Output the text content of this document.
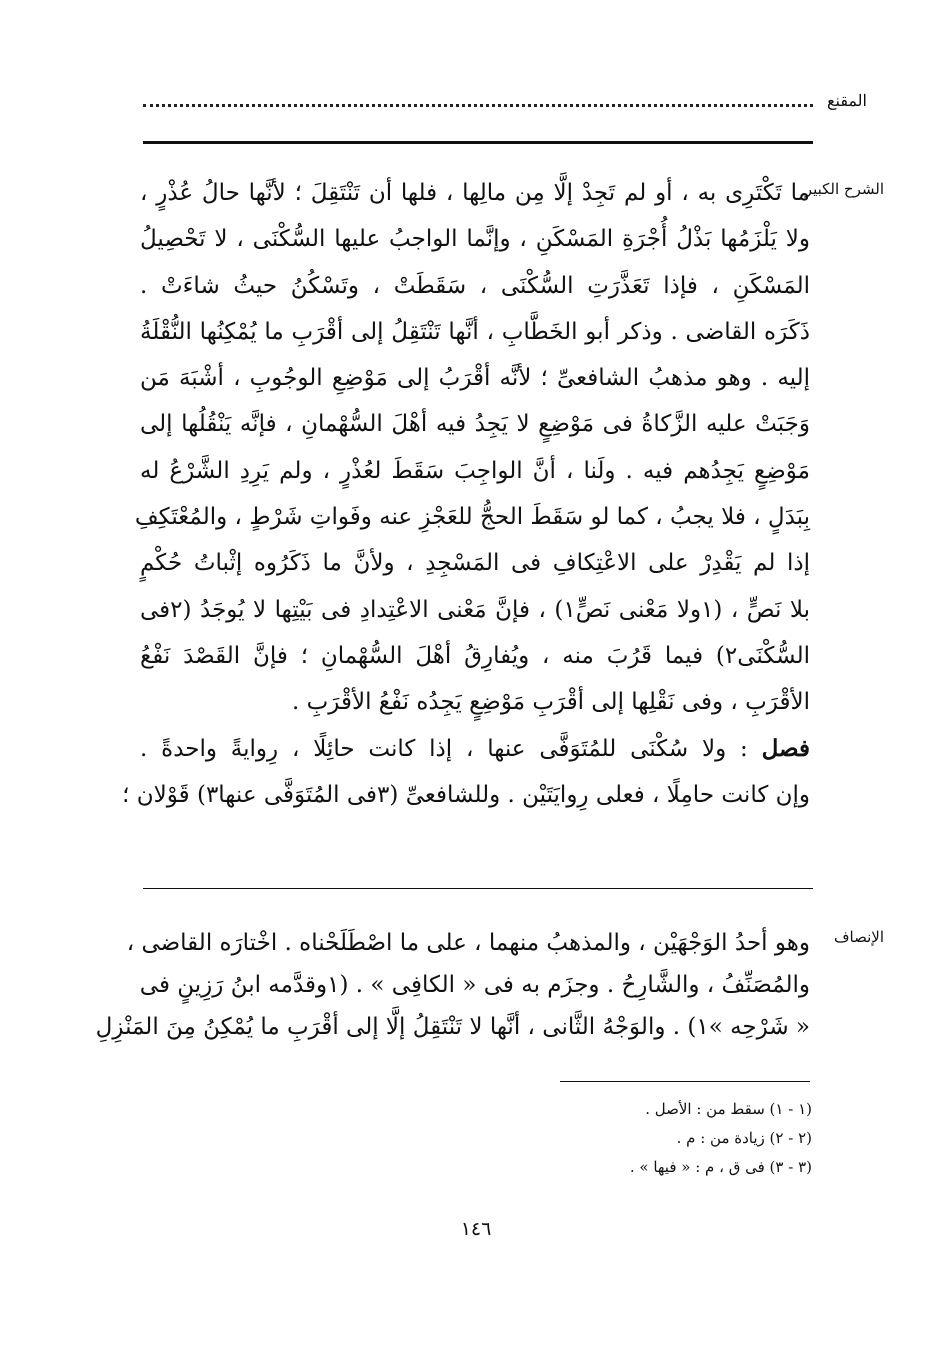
المقنع
الشرح الكبير
ما تَكْتَرِى به ، أو لم تَجِدْ إلَّا مِن مالِها ، فلها أن تَنْتَقِلَ ؛ لأنَّها حالُ عُذْرٍ ،
ولا يَلْزَمُها بَذْلُ أُجْرَةِ المَسْكَنِ ، وإنَّما الواجبُ عليها السُّكْنَى ، لا تَحْصِيلُ
المَسْكَنِ ، فإذا تَعَذَّرَتِ السُّكْنَى ، سَقَطَتْ ، وتَسْكُنُ حيثُ شاءَتْ .
ذَكَرَه القاضى . وذكر أبو الخَطَّابِ ، أنَّها تَنْتَقِلُ إلى أقْرَبِ ما يُمْكِنُها النُّقْلَةُ
إليه . وهو مذهبُ الشافعىِّ ؛ لأنَّه أقْرَبُ إلى مَوْضِعِ الوجُوبِ ، أشْبَهَ مَن
وَجَبَتْ عليه الزَّكاةُ فى مَوْضِعٍ لا يَجِدُ فيه أهْلَ السُّهْمانِ ، فإنَّه يَنْقُلُها إلى
مَوْضِعٍ يَجِدُهم فيه . ولَنا ، أنَّ الواجِبَ سَقَطَ لعُذْرٍ ، ولم يَرِدِ الشَّرْعُ له
بِبَدَلٍ ، فلا يجبُ ، كما لو سَقَطَ الحجُّ للعَجْزِ عنه وفَواتِ شَرْطٍ ، والمُعْتَكِفِ
إذا لم يَقْدِرْ على الاعْتِكافِ فى المَسْجِدِ ، ولأنَّ ما ذَكَرُوه إثْباتُ حُكْمٍ
بلا نَصٍّ ، (١ولا مَعْنى نَصٍّ١) ، فإنَّ مَعْنى الاعْتِدادِ فى بَيْتِها لا يُوجَدُ (٢فى
السُّكْنَى٢) فيما قَرُبَ منه ، ويُفارِقُ أهْلَ السُّهْمانِ ؛ فإنَّ القَصْدَ نَفْعُ
الأقْرَبِ ، وفى نَقْلِها إلى أقْرَبِ مَوْضِعٍ يَجِدُه نَفْعُ الأقْرَبِ .
فصل : ولا سُكْنَى للمُتَوَفَّى عنها ، إذا كانت حائِلًا ، رِوايةً واحدةً .
وإن كانت حامِلًا ، فعلى رِوايَتَيْن . وللشافعىِّ (٣فى المُتَوَفَّى عنها٣) قَوْلان ؛
الإنصاف
وهو أحدُ الوَجْهَيْن ، والمذهبُ منهما ، على ما اصْطَلَحْناه . اخْتارَه القاضى ،
والمُصَنِّفُ ، والشَّارِحُ . وجزَم به فى « الكافِى » . (١وقدَّمه ابنُ رَزِينٍ فى
« شَرْحِه »١) . والوَجْهُ الثَّانى ، أنَّها لا تَنْتَقِلُ إلَّا إلى أقْرَبِ ما يُمْكِنُ مِنَ المَنْزِلِ
(١ - ١) سقط من : الأصل .
(٢ - ٢) زيادة من : م .
(٣ - ٣) فى ق ، م : « فيها » .
١٤٦
